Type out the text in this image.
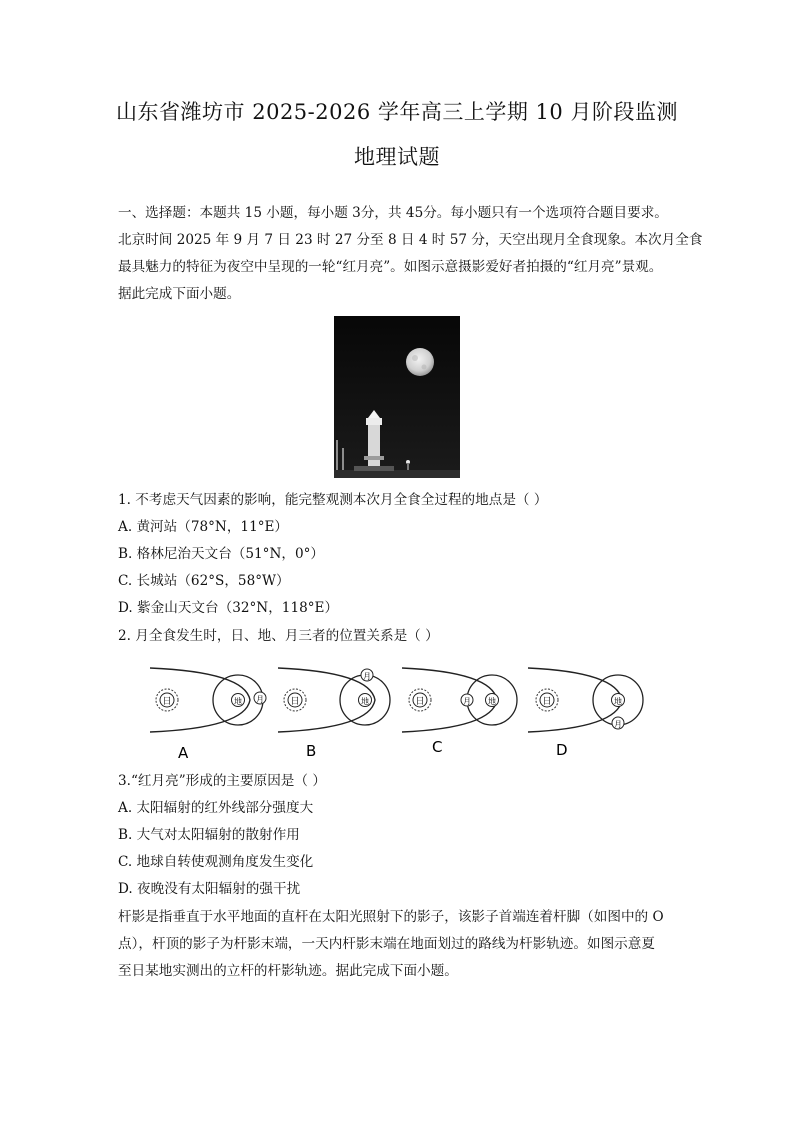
山东省潍坊市 2025-2026 学年高三上学期 10 月阶段监测
地理试题
一、选择题：本题共 15 小题，每小题 3分，共 45分。每小题只有一个选项符合题目要求。
北京时间 2025 年 9 月 7 日 23 时 27 分至 8 日 4 时 57 分，天空出现月全食现象。本次月全食
最具魅力的特征为夜空中呈现的一轮“红月亮”。如图示意摄影爱好者拍摄的“红月亮”景观。
据此完成下面小题。
1. 不考虑天气因素的影响，能完整观测本次月全食全过程的地点是（ ）
A. 黄河站（78°N，11°E）
B. 格林尼治天文台（51°N，0°）
C. 长城站（62°S，58°W）
D. 紫金山天文台（32°N，118°E）
2. 月全食发生时，日、地、月三者的位置关系是（ ）
日	地 月
A
日	地
月
B
日	地
月
C
日	地
月
D
3.“红月亮”形成的主要原因是（ ）
A. 太阳辐射的红外线部分强度大
B. 大气对太阳辐射的散射作用
C. 地球自转使观测角度发生变化
D. 夜晚没有太阳辐射的强干扰
杆影是指垂直于水平地面的直杆在太阳光照射下的影子，该影子首端连着杆脚（如图中的 O
点），杆顶的影子为杆影末端，一天内杆影末端在地面划过的路线为杆影轨迹。如图示意夏
至日某地实测出的立杆的杆影轨迹。据此完成下面小题。
